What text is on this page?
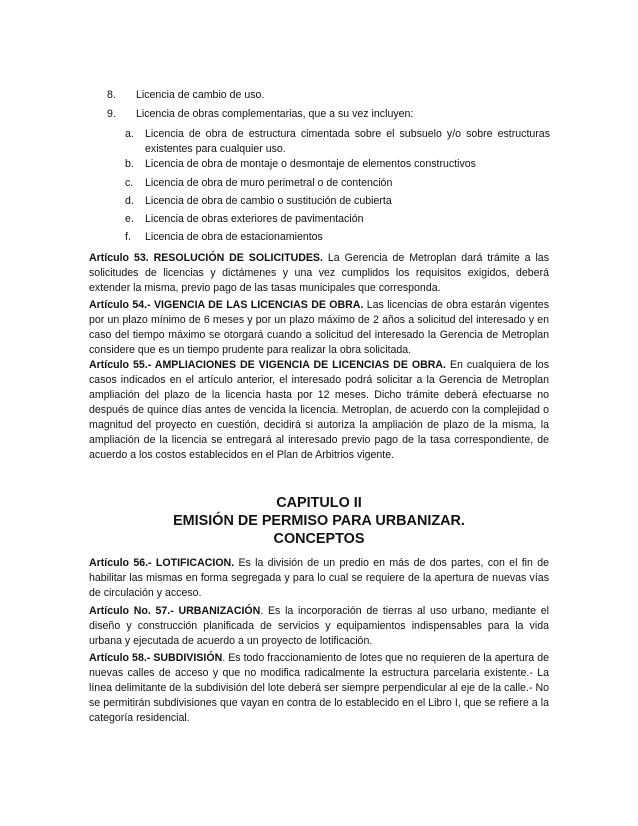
8. Licencia de cambio de uso.
9. Licencia de obras complementarias, que a su vez incluyen:
a. Licencia de obra de estructura cimentada sobre el subsuelo y/o sobre estructuras existentes para cualquier uso.
b. Licencia de obra de montaje o desmontaje de elementos constructivos
c. Licencia de obra de muro perimetral o de contención
d. Licencia de obra de cambio o sustitución de cubierta
e. Licencia de obras exteriores de pavimentación
f. Licencia de obra de estacionamientos

Artículo 53. RESOLUCIÓN DE SOLICITUDES. La Gerencia de Metroplan dará trámite a las solicitudes de licencias y dictámenes y una vez cumplidos los requisitos exigidos, deberá extender la misma, previo pago de las tasas municipales que corresponda.

Artículo 54.- VIGENCIA DE LAS LICENCIAS DE OBRA. Las licencias de obra estarán vigentes por un plazo mínimo de 6 meses y por un plazo máximo de 2 años a solicitud del interesado y en caso del tiempo máximo se otorgará cuando a solicitud del interesado la Gerencia de Metroplan considere que es un tiempo prudente para realizar la obra solicitada.

Artículo 55.- AMPLIACIONES DE VIGENCIA DE LICENCIAS DE OBRA. En cualquiera de los casos indicados en el artículo anterior, el interesado podrá solicitar a la Gerencia de Metroplan ampliación del plazo de la licencia hasta por 12 meses. Dicho trámite deberá efectuarse no después de quince días antes de vencida la licencia. Metroplan, de acuerdo con la complejidad o magnitud del proyecto en cuestión, decidirá si autoriza la ampliación de plazo de la misma, la ampliación de la licencia se entregará al interesado previo pago de la tasa correspondiente, de acuerdo a los costos establecidos en el Plan de Arbitrios vigente.

CAPITULO II
EMISIÓN DE PERMISO PARA URBANIZAR.
CONCEPTOS

Artículo 56.- LOTIFICACION. Es la división de un predio en más de dos partes, con el fin de habilitar las mismas en forma segregada y para lo cual se requiere de la apertura de nuevas vías de circulación y acceso.

Artículo No. 57.- URBANIZACIÓN. Es la incorporación de tierras al uso urbano, mediante el diseño y construcción planificada de servicios y equipamientos indispensables para la vida urbana y ejecutada de acuerdo a un proyecto de lotificación.

Artículo 58.- SUBDIVISIÓN. Es todo fraccionamiento de lotes que no requieren de la apertura de nuevas calles de acceso y que no modifica radicalmente la estructura parcelaria existente.- La línea delimitante de la subdivisión del lote deberá ser siempre perpendicular al eje de la calle.- No se permitirán subdivisiones que vayan en contra de lo establecido en el Libro I, que se refiere a la categoría residencial.
